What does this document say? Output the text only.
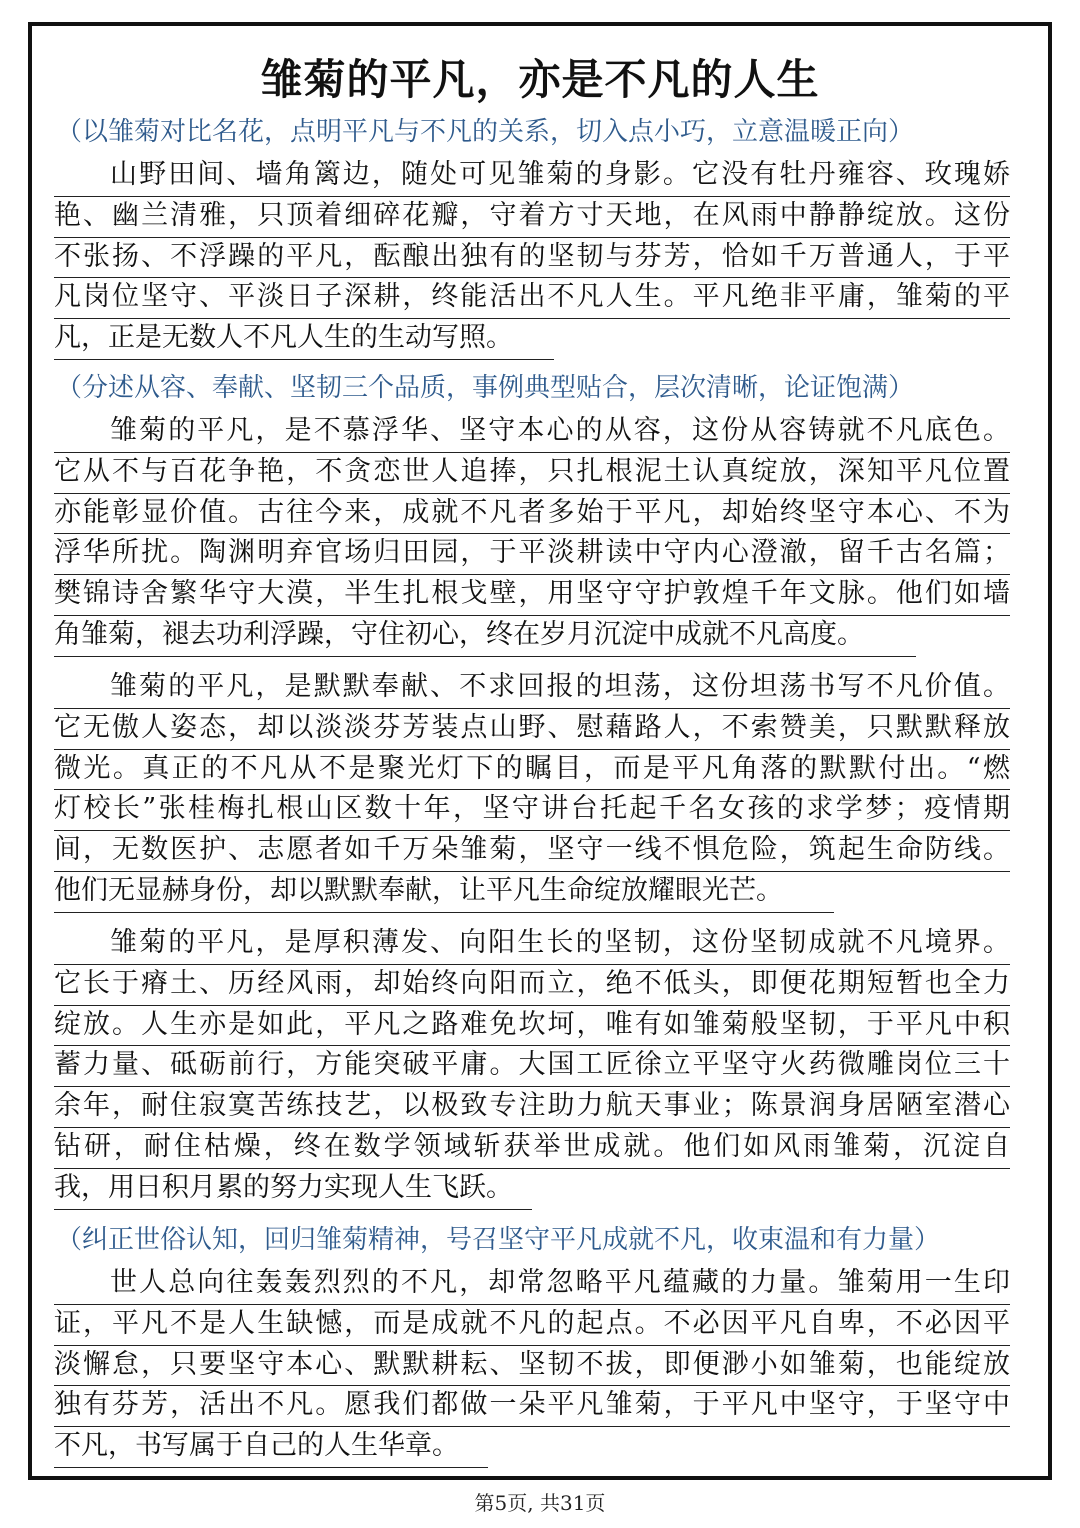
雏菊的平凡，亦是不凡的人生
（以雏菊对比名花，点明平凡与不凡的关系，切入点小巧，立意温暖正向）
山野田间、墙角篱边，随处可见雏菊的身影。它没有牡丹雍容、玫瑰娇
艳、幽兰清雅，只顶着细碎花瓣，守着方寸天地，在风雨中静静绽放。这份
不张扬、不浮躁的平凡，酝酿出独有的坚韧与芬芳，恰如千万普通人，于平
凡岗位坚守、平淡日子深耕，终能活出不凡人生。平凡绝非平庸，雏菊的平
凡，正是无数人不凡人生的生动写照。
（分述从容、奉献、坚韧三个品质，事例典型贴合，层次清晰，论证饱满）
雏菊的平凡，是不慕浮华、坚守本心的从容，这份从容铸就不凡底色。
它从不与百花争艳，不贪恋世人追捧，只扎根泥土认真绽放，深知平凡位置
亦能彰显价值。古往今来，成就不凡者多始于平凡，却始终坚守本心、不为
浮华所扰。陶渊明弃官场归田园，于平淡耕读中守内心澄澈，留千古名篇；
樊锦诗舍繁华守大漠，半生扎根戈壁，用坚守守护敦煌千年文脉。他们如墙
角雏菊，褪去功利浮躁，守住初心，终在岁月沉淀中成就不凡高度。
雏菊的平凡，是默默奉献、不求回报的坦荡，这份坦荡书写不凡价值。
它无傲人姿态，却以淡淡芬芳装点山野、慰藉路人，不索赞美，只默默释放
微光。真正的不凡从不是聚光灯下的瞩目，而是平凡角落的默默付出。“燃
灯校长”张桂梅扎根山区数十年，坚守讲台托起千名女孩的求学梦；疫情期
间，无数医护、志愿者如千万朵雏菊，坚守一线不惧危险，筑起生命防线。
他们无显赫身份，却以默默奉献，让平凡生命绽放耀眼光芒。
雏菊的平凡，是厚积薄发、向阳生长的坚韧，这份坚韧成就不凡境界。
它长于瘠土、历经风雨，却始终向阳而立，绝不低头，即便花期短暂也全力
绽放。人生亦是如此，平凡之路难免坎坷，唯有如雏菊般坚韧，于平凡中积
蓄力量、砥砺前行，方能突破平庸。大国工匠徐立平坚守火药微雕岗位三十
余年，耐住寂寞苦练技艺，以极致专注助力航天事业；陈景润身居陋室潜心
钻研，耐住枯燥，终在数学领域斩获举世成就。他们如风雨雏菊，沉淀自
我，用日积月累的努力实现人生飞跃。
（纠正世俗认知，回归雏菊精神，号召坚守平凡成就不凡，收束温和有力量）
世人总向往轰轰烈烈的不凡，却常忽略平凡蕴藏的力量。雏菊用一生印
证，平凡不是人生缺憾，而是成就不凡的起点。不必因平凡自卑，不必因平
淡懈怠，只要坚守本心、默默耕耘、坚韧不拔，即便渺小如雏菊，也能绽放
独有芬芳，活出不凡。愿我们都做一朵平凡雏菊，于平凡中坚守，于坚守中
不凡，书写属于自己的人生华章。
第5页, 共31页
